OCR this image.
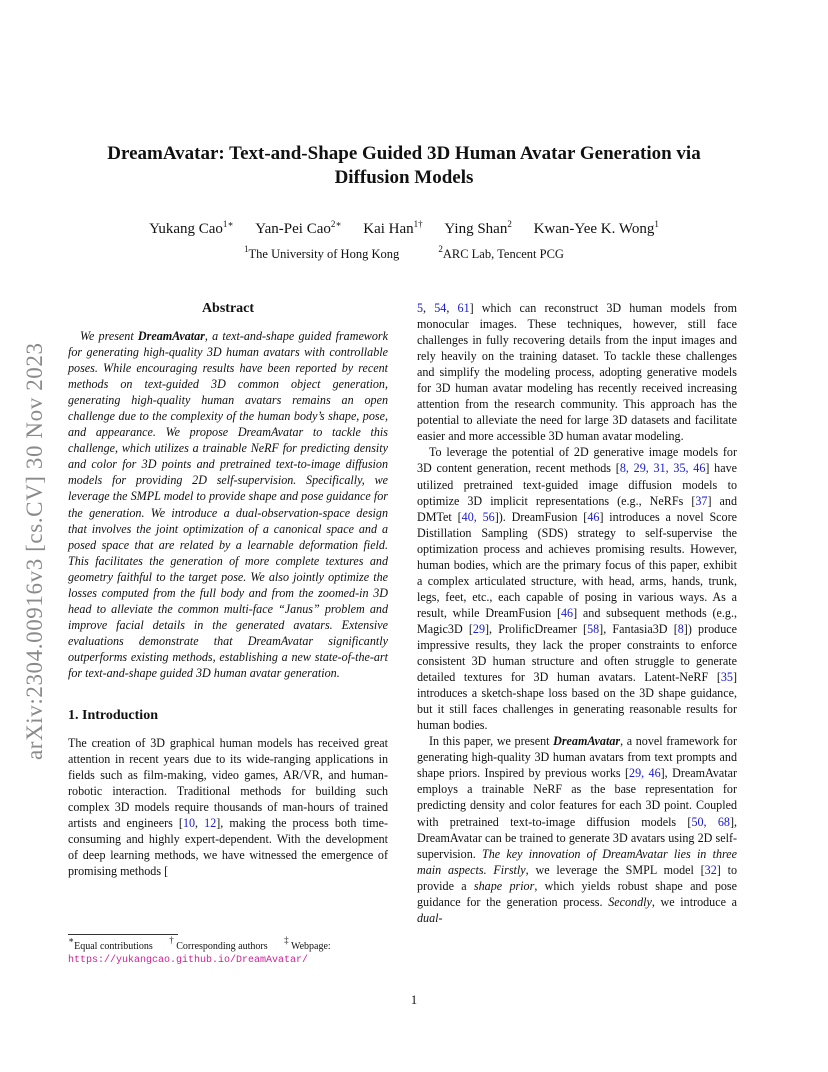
arXiv:2304.00916v3 [cs.CV] 30 Nov 2023
DreamAvatar: Text-and-Shape Guided 3D Human Avatar Generation via
Diffusion Models
Yukang Cao$^{1∗}$ Yan-Pei Cao$^{2∗}$ Kai Han$^{1\dagger}$ Ying Shan$^2$ Kwan-Yee K. Wong$^1$
$^1$The University of Hong Kong	$^2$ARC Lab, Tencent PCG
Abstract

We present DreamAvatar, a text-and-shape guided framework for generating high-quality 3D human avatars with controllable poses. While encouraging results have been reported by recent methods on text-guided 3D common object generation, generating high-quality human avatars remains an open challenge due to the complexity of the human body’s shape, pose, and appearance. We propose DreamAvatar to tackle this challenge, which utilizes a trainable NeRF for predicting density and color for 3D points and pretrained text-to-image diffusion models for providing 2D self-supervision. Specifically, we leverage the SMPL model to provide shape and pose guidance for the generation. We introduce a dual-observation-space design that involves the joint optimization of a canonical space and a posed space that are related by a learnable deformation field. This facilitates the generation of more complete textures and geometry faithful to the target pose. We also jointly optimize the losses computed from the full body and from the zoomed-in 3D head to alleviate the common multi-face “Janus” problem and improve facial details in the generated avatars. Extensive evaluations demonstrate that DreamAvatar significantly outperforms existing methods, establishing a new state-of-the-art for text-and-shape guided 3D human avatar generation.

1. Introduction

The creation of 3D graphical human models has received great attention in recent years due to its wide-ranging applications in fields such as film-making, video games, AR/VR, and human-robotic interaction. Traditional methods for building such complex 3D models require thousands of man-hours of trained artists and engineers [10, 12], making the process both time-consuming and highly expert-dependent. With the development of deep learning methods, we have witnessed the emergence of promising methods [

5, 54, 61] which can reconstruct 3D human models from monocular images. These techniques, however, still face challenges in fully recovering details from the input images and rely heavily on the training dataset. To tackle these challenges and simplify the modeling process, adopting generative models for 3D human avatar modeling has recently received increasing attention from the research community. This approach has the potential to alleviate the need for large 3D datasets and facilitate easier and more accessible 3D human avatar modeling.

To leverage the potential of 2D generative image models for 3D content generation, recent methods [8, 29, 31, 35, 46] have utilized pretrained text-guided image diffusion models to optimize 3D implicit representations (e.g., NeRFs [37] and DMTet [40, 56]). DreamFusion [46] introduces a novel Score Distillation Sampling (SDS) strategy to self-supervise the optimization process and achieves promising results. However, human bodies, which are the primary focus of this paper, exhibit a complex articulated structure, with head, arms, hands, trunk, legs, feet, etc., each capable of posing in various ways. As a result, while DreamFusion [46] and subsequent methods (e.g., Magic3D [29], ProlificDreamer [58], Fantasia3D [8]) produce impressive results, they lack the proper constraints to enforce consistent 3D human structure and often struggle to generate detailed textures for 3D human avatars. Latent-NeRF [35] introduces a sketch-shape loss based on the 3D shape guidance, but it still faces challenges in generating reasonable results for human bodies.

In this paper, we present DreamAvatar, a novel framework for generating high-quality 3D human avatars from text prompts and shape priors. Inspired by previous works [29, 46], DreamAvatar employs a trainable NeRF as the base representation for predicting density and color features for each 3D point. Coupled with pretrained text-to-image diffusion models [50, 68], DreamAvatar can be trained to generate 3D avatars using 2D self-supervision. The key innovation of DreamAvatar lies in three main aspects. Firstly, we leverage the SMPL model [32] to provide a shape prior, which yields robust shape and pose guidance for the generation process. Secondly, we introduce a dual-

∗Equal contributions † Corresponding authors ‡ Webpage:
https://yukangcao.github.io/DreamAvatar/
1
